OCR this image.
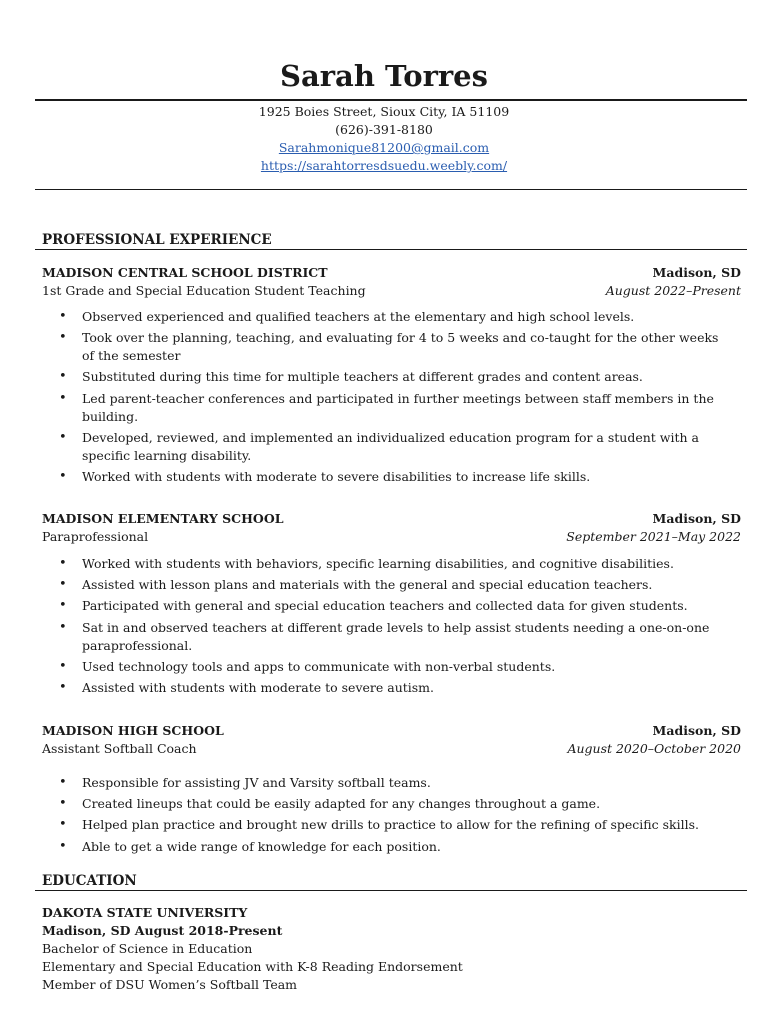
Sarah Torres
1925 Boies Street, Sioux City, IA 51109
(626)-391-8180
Sarahmonique81200@gmail.com
https://sarahtorresdsuedu.weebly.com/
PROFESSIONAL EXPERIENCE
MADISON CENTRAL SCHOOL DISTRICT	Madison, SD
1st Grade and Special Education Student Teaching	August 2022–Present
• Observed experienced and qualified teachers at the elementary and high school levels.
• Took over the planning, teaching, and evaluating for 4 to 5 weeks and co-taught for the other weeks of the semester
• Substituted during this time for multiple teachers at different grades and content areas.
• Led parent-teacher conferences and participated in further meetings between staff members in the building.
• Developed, reviewed, and implemented an individualized education program for a student with a specific learning disability.
• Worked with students with moderate to severe disabilities to increase life skills.
MADISON ELEMENTARY SCHOOL	Madison, SD
Paraprofessional	September 2021–May 2022
• Worked with students with behaviors, specific learning disabilities, and cognitive disabilities.
• Assisted with lesson plans and materials with the general and special education teachers.
• Participated with general and special education teachers and collected data for given students.
• Sat in and observed teachers at different grade levels to help assist students needing a one-on-one paraprofessional.
• Used technology tools and apps to communicate with non-verbal students.
• Assisted with students with moderate to severe autism.
MADISON HIGH SCHOOL	Madison, SD
Assistant Softball Coach	August 2020–October 2020
• Responsible for assisting JV and Varsity softball teams.
• Created lineups that could be easily adapted for any changes throughout a game.
• Helped plan practice and brought new drills to practice to allow for the refining of specific skills.
• Able to get a wide range of knowledge for each position.
EDUCATION
DAKOTA STATE UNIVERSITY
Madison, SD August 2018-Present
Bachelor of Science in Education
Elementary and Special Education with K-8 Reading Endorsement
Member of DSU Women’s Softball Team
